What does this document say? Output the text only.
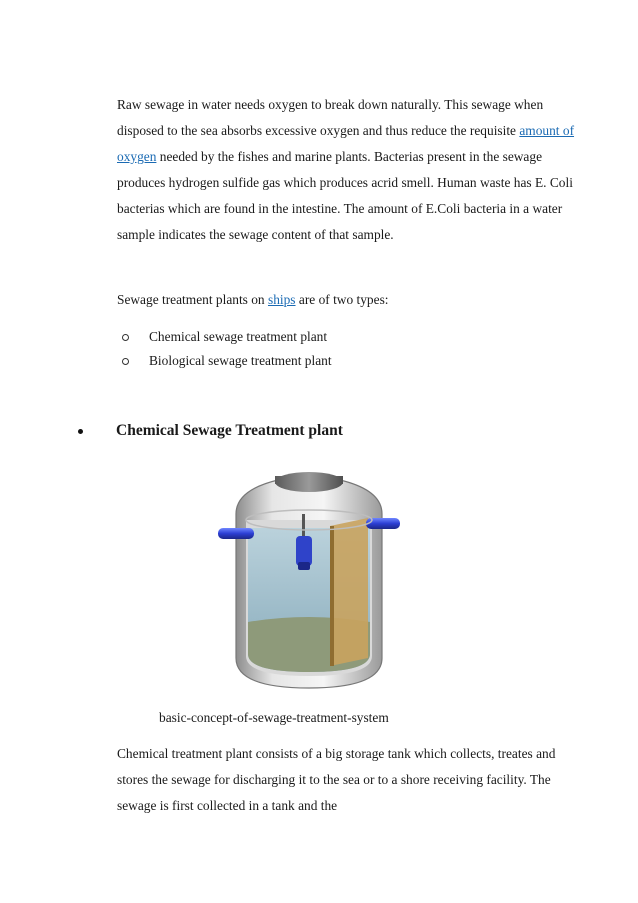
Raw sewage in water needs oxygen to break down naturally. This sewage when disposed to the sea absorbs excessive oxygen and thus reduce the requisite amount of oxygen needed by the fishes and marine plants. Bacterias present in the sewage produces hydrogen sulfide gas which produces acrid smell. Human waste has E. Coli bacterias which are found in the intestine. The amount of E.Coli bacteria in a water sample indicates the sewage content of that sample.

Sewage treatment plants on ships are of two types:

Chemical sewage treatment plant
Biological sewage treatment plant
Chemical Sewage Treatment plant
basic-concept-of-sewage-treatment-system

Chemical treatment plant consists of a big storage tank which collects, treates and stores the sewage for discharging it to the sea or to a shore receiving facility. The sewage is first collected in a tank and the
